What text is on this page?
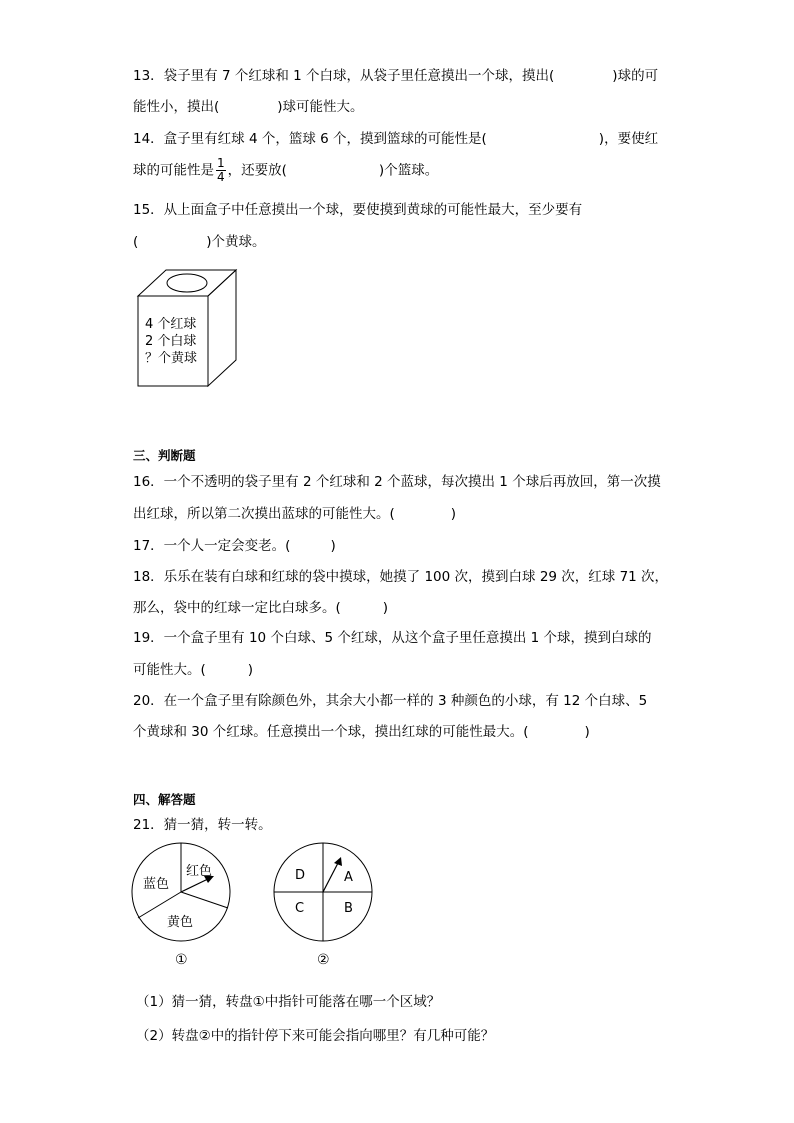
13．袋子里有 7 个红球和 1 个白球，从袋子里任意摸出一个球，摸出(	)球的可
能性小，摸出(	)球可能性大。
14．盒子里有红球 4 个，篮球 6 个，摸到篮球的可能性是(	)，要使红
球的可能性是 $\frac{1}{4}$ ，还要放(	)个篮球。
15．从上面盒子中任意摸出一个球，要使摸到黄球的可能性最大，至少要有
(	)个黄球。
4 个红球
2 个白球
？个黄球
三、判断题
16．一个不透明的袋子里有 2 个红球和 2 个蓝球，每次摸出 1 个球后再放回，第一次摸
出红球，所以第二次摸出蓝球的可能性大。(	)
17．一个人一定会变老。(	)
18．乐乐在装有白球和红球的袋中摸球，她摸了 100 次，摸到白球 29 次，红球 71 次，
那么，袋中的红球一定比白球多。(	)
19．一个盒子里有 10 个白球、5 个红球，从这个盒子里任意摸出 1 个球，摸到白球的
可能性大。(	)
20．在一个盒子里有除颜色外，其余大小都一样的 3 种颜色的小球，有 12 个白球、5
个黄球和 30 个红球。任意摸出一个球，摸出红球的可能性最大。(	)
四、解答题
21．猜一猜，转一转。
红色
蓝色
黄色
①
D	A
C	B
②
（1）猜一猜，转盘①中指针可能落在哪一个区域？
（2）转盘②中的指针停下来可能会指向哪里？有几种可能？
